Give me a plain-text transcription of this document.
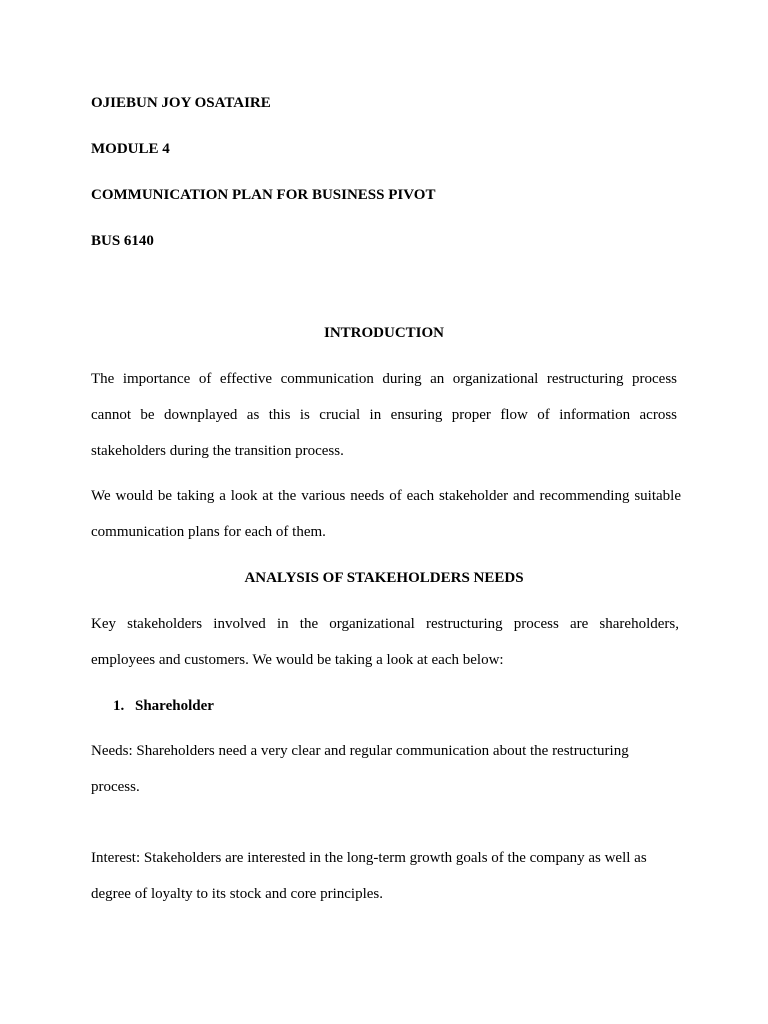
OJIEBUN JOY OSATAIRE
MODULE 4
COMMUNICATION PLAN FOR BUSINESS PIVOT
BUS 6140
INTRODUCTION

The importance of effective communication during an organizational restructuring process cannot be downplayed as this is crucial in ensuring proper flow of information across stakeholders during the transition process.

We would be taking a look at the various needs of each stakeholder and recommending suitable communication plans for each of them.

ANALYSIS OF STAKEHOLDERS NEEDS

Key stakeholders involved in the organizational restructuring process are shareholders, employees and customers. We would be taking a look at each below:

1. Shareholder

Needs: Shareholders need a very clear and regular communication about the restructuring process.

Interest: Stakeholders are interested in the long-term growth goals of the company as well as degree of loyalty to its stock and core principles.
